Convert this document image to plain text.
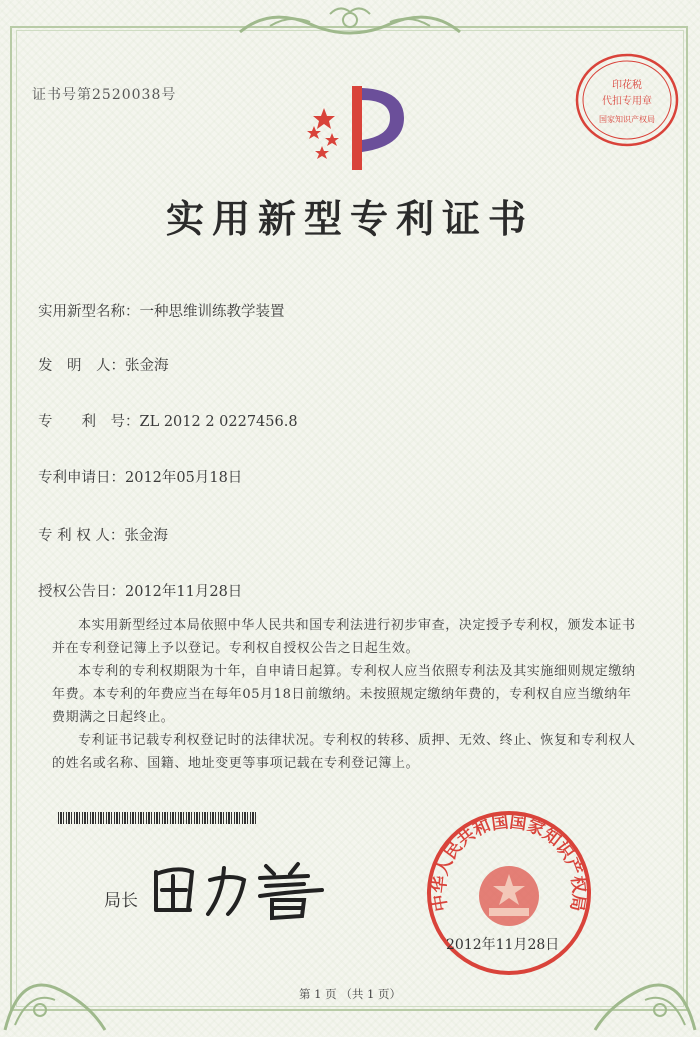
证书号第2520038号
印花税
代扣专用章
国家知识产权局
实用新型专利证书
实用新型名称：一种思维训练教学装置
发　明　人：张金海
专　　利　号：ZL 2012 2 0227456.8
专利申请日：2012年05月18日
专 利 权 人：张金海
授权公告日：2012年11月28日
本实用新型经过本局依照中华人民共和国专利法进行初步审查，决定授予专利权，颁发本证书并在专利登记簿上予以登记。专利权自授权公告之日起生效。
本专利的专利权期限为十年，自申请日起算。专利权人应当依照专利法及其实施细则规定缴纳年费。本专利的年费应当在每年05月18日前缴纳。未按照规定缴纳年费的，专利权自应当缴纳年费期满之日起终止。
专利证书记载专利权登记时的法律状况。专利权的转移、质押、无效、终止、恢复和专利权人的姓名或名称、国籍、地址变更等事项记载在专利登记簿上。
局长	中华人民共和国国家知识产权局
2012年11月28日
第 1 页 （共 1 页）
